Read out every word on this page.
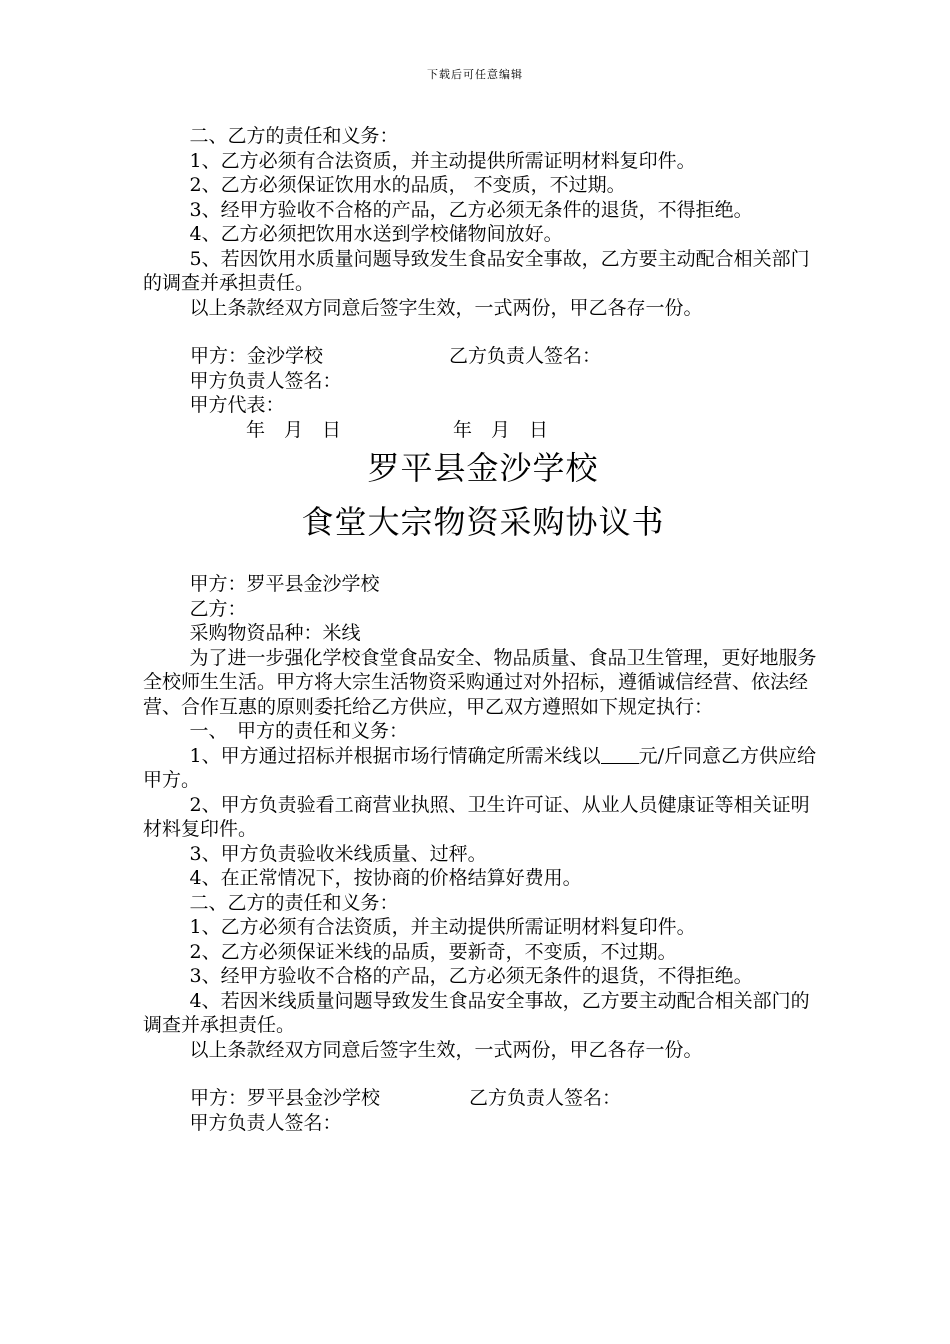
下载后可任意编辑

二、乙方的责任和义务：

1、乙方必须有合法资质，并主动提供所需证明材料复印件。

2、乙方必须保证饮用水的品质， 不变质，不过期。

3、经甲方验收不合格的产品，乙方必须无条件的退货，不得拒绝。

4、乙方必须把饮用水送到学校储物间放好。

5、若因饮用水质量问题导致发生食品安全事故，乙方要主动配合相关部门的调查并承担责任。

以上条款经双方同意后签字生效，一式两份，甲乙各存一份。

甲方：金沙学校	乙方负责人签名：

甲方负责人签名：

甲方代表：

年　月　日	年　月　日
罗平县金沙学校
食堂大宗物资采购协议书

甲方：罗平县金沙学校

乙方：

采购物资品种：米线

为了进一步强化学校食堂食品安全、物品质量、食品卫生管理，更好地服务全校师生生活。甲方将大宗生活物资采购通过对外招标，遵循诚信经营、依法经营、合作互惠的原则委托给乙方供应，甲乙双方遵照如下规定执行：

一、　甲方的责任和义务：

1、甲方通过招标并根据市场行情确定所需米线以 元/斤同意乙方供应给甲方。

2、甲方负责验看工商营业执照、卫生许可证、从业人员健康证等相关证明材料复印件。

3、甲方负责验收米线质量、过秤。

4、在正常情况下，按协商的价格结算好费用。

二、乙方的责任和义务：

1、乙方必须有合法资质，并主动提供所需证明材料复印件。

2、乙方必须保证米线的品质，要新奇，不变质，不过期。

3、经甲方验收不合格的产品，乙方必须无条件的退货，不得拒绝。

4、若因米线质量问题导致发生食品安全事故，乙方要主动配合相关部门的调查并承担责任。

以上条款经双方同意后签字生效，一式两份，甲乙各存一份。

甲方：罗平县金沙学校	乙方负责人签名：

甲方负责人签名：
